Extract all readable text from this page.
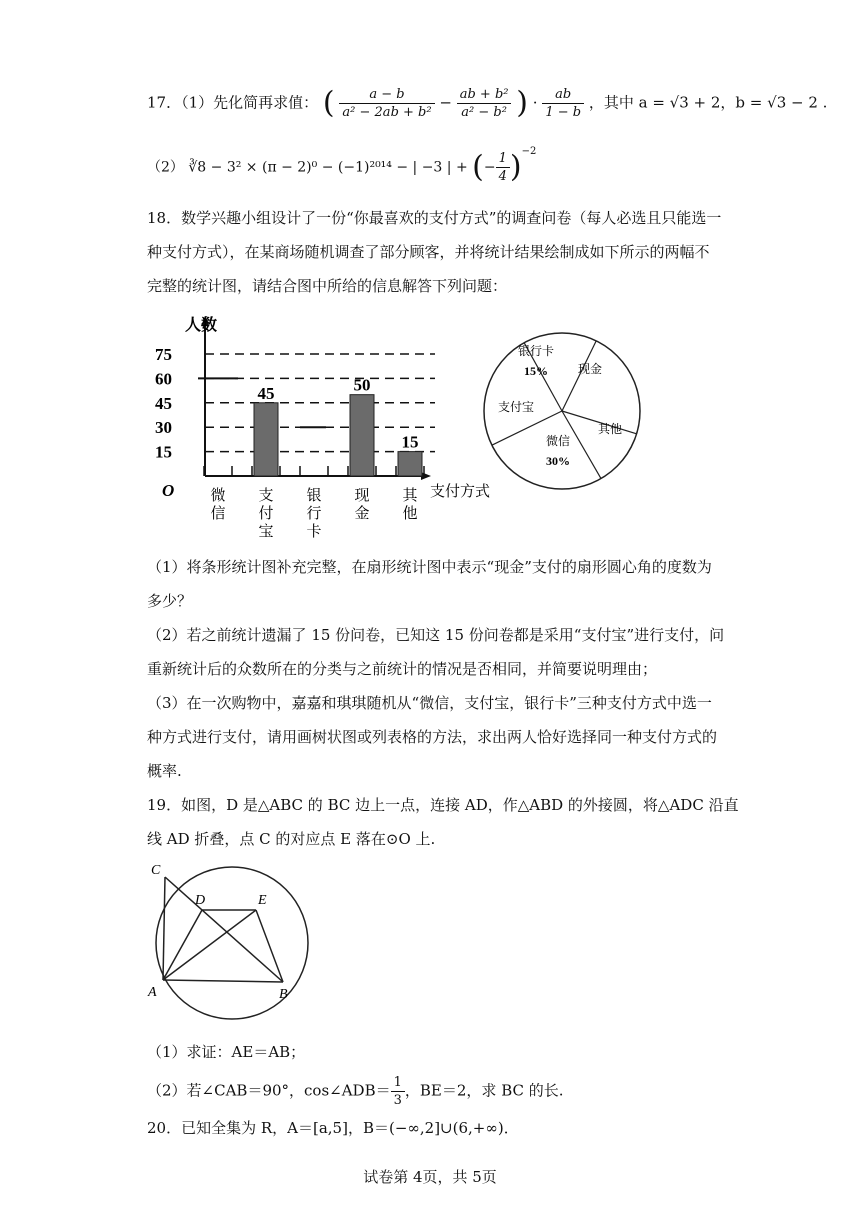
17．（1）先化简再求值： ( $\frac{a - b}{\text{a² − 2ab + b²}} - \frac{\text{ab + b²}}{\text{a² − b²}}$ ) · $\frac{ab}{1 - b}$ ，其中 a = √3 + 2，b = √3 − 2 .
（2） ∛8 − 3² × (π − 2)⁰ − (−1)²⁰¹⁴ − | −3 | + (− $\frac{1}{4} )^{-2}$
18．数学兴趣小组设计了一份“你最喜欢的支付方式”的调查问卷（每人必选且只能选一
种支付方式），在某商场随机调查了部分顾客，并将统计结果绘制成如下所示的两幅不
完整的统计图，请结合图中所给的信息解答下列问题：
人数
O	支付方式
75
60
45
30
15
微
信
支
付
宝
45
银
行
卡
现
金
50
其
他
15
银行卡
15% 现金
其他
微信
30%
支付宝
（1）将条形统计图补充完整，在扇形统计图中表示“现金”支付的扇形圆心角的度数为
多少？
（2）若之前统计遗漏了 15 份问卷，已知这 15 份问卷都是采用“支付宝”进行支付，问
重新统计后的众数所在的分类与之前统计的情况是否相同，并简要说明理由；
（3）在一次购物中，嘉嘉和琪琪随机从“微信，支付宝，银行卡”三种支付方式中选一
种方式进行支付，请用画树状图或列表格的方法，求出两人恰好选择同一种支付方式的
概率.
19．如图，D 是△ABC 的 BC 边上一点，连接 AD，作△ABD 的外接圆，将△ADC 沿直
线 AD 折叠，点 C 的对应点 E 落在⊙O 上.
C
D	E
A	B
（1）求证：AE＝AB；
（2）若∠CAB＝90°，cos∠ADB＝ $\frac{1}{3}$ ，BE＝2，求 BC 的长.
20．已知全集为 R，A＝[a,5]，B＝(−∞,2]∪(6,+∞)．
试卷第 4页，共 5页
